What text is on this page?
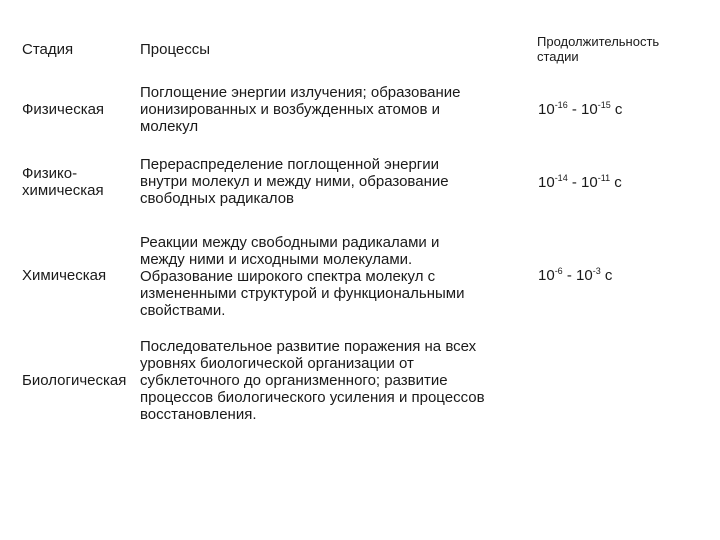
Стадия	Процессы	Продолжительность
стадии
Физическая
Поглощение энергии излучения; образование
ионизированных и возбужденных атомов и
молекул
$10^{-16} - 10^{-15}$ с
Физико-
химическая
Перераспределение поглощенной энергии
внутри молекул и между ними, образование
свободных радикалов
$10^{-14} - 10^{-11}$ с
Химическая
Реакции между свободными радикалами и
между ними и исходными молекулами.
Образование широкого спектра молекул с
измененными структурой и функциональными
свойствами.
$10^{-6} - 10^{-3}$ с
Биологическая
Последовательное развитие поражения на всех
уровнях биологической организации от
субклеточного до организменного; развитие
процессов биологического усиления и процессов
восстановления.
